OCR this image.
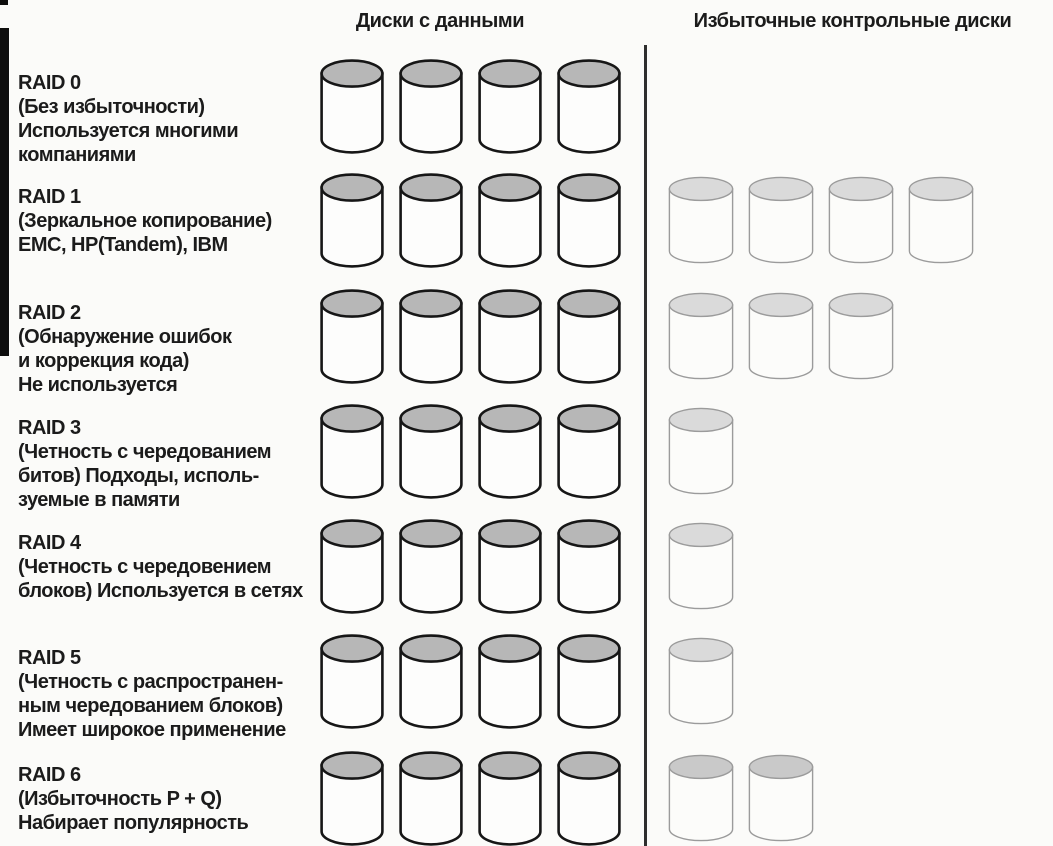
Диски с данными	Избыточные контрольные диски
RAID 0
(Без избыточности)
Используется многими
компаниями
RAID 1
(Зеркальное копирование)
EMC, HP(Tandem), IBM
RAID 2
(Обнаружение ошибок
и коррекция кода)
Не используется
RAID 3
(Четность с чередованием
битов) Подходы, исполь-
зуемые в памяти
RAID 4
(Четность с чередовением
блоков) Используется в сетях
RAID 5
(Четность с распространен-
ным чередованием блоков)
Имеет широкое применение
RAID 6
(Избыточность P + Q)
Набирает популярность
